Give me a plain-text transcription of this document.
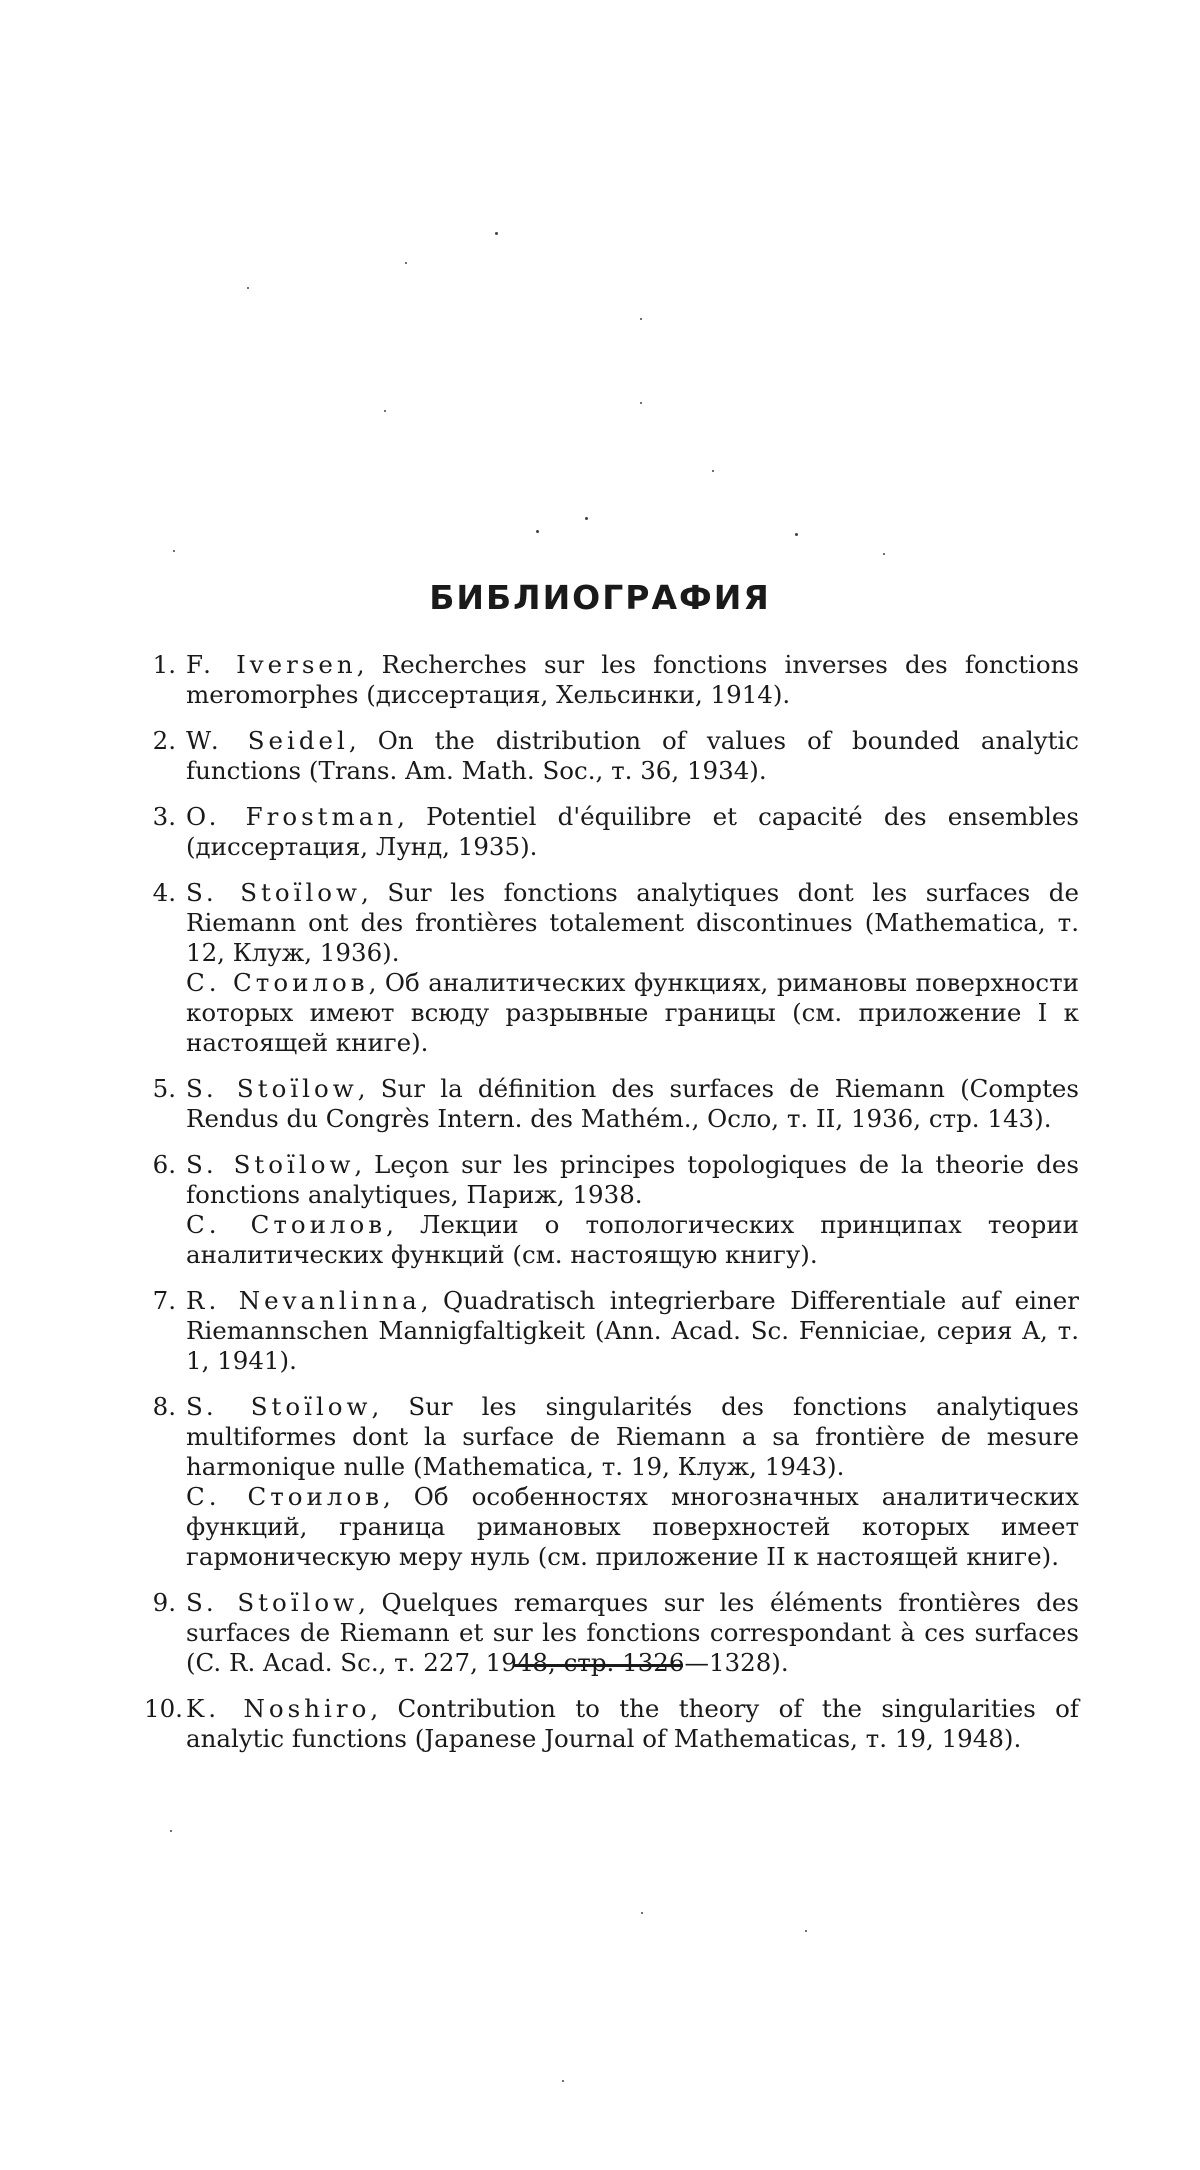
БИБЛИОГРАФИЯ
1. F. Iversen, Recherches sur les fonctions inverses des fonctions meromorphes (диссертация, Хельсинки, 1914).
2. W. Seidel, On the distribution of values of bounded analytic functions (Trans. Am. Math. Soc., т. 36, 1934).
3. O. Frostman, Potentiel d'équilibre et capacité des ensembles (диссертация, Лунд, 1935).
4. S. Stoïlow, Sur les fonctions analytiques dont les surfaces de Riemann ont des frontières totalement discontinues (Mathematica, т. 12, Клуж, 1936).
С. Стоилов, Об аналитических функциях, римановы поверхности которых имеют всюду разрывные границы (см. приложение I к настоящей книге).
5. S. Stoïlow, Sur la définition des surfaces de Riemann (Comptes Rendus du Congrès Intern. des Mathém., Осло, т. II, 1936, стр. 143).
6. S. Stoïlow, Leçon sur les principes topologiques de la theorie des fonctions analytiques, Париж, 1938.
С. Стоилов, Лекции о топологических принципах теории аналитических функций (см. настоящую книгу).
7. R. Nevanlinna, Quadratisch integrierbare Differentiale auf einer Riemannschen Mannigfaltigkeit (Ann. Acad. Sc. Fenniciae, серия A, т. 1, 1941).
8. S. Stoïlow, Sur les singularités des fonctions analytiques multiformes dont la surface de Riemann a sa frontière de mesure harmonique nulle (Mathematica, т. 19, Клуж, 1943).
С. Стоилов, Об особенностях многозначных аналитических функций, граница римановых поверхностей которых имеет гармоническую меру нуль (см. приложение II к настоящей книге).
9. S. Stoïlow, Quelques remarques sur les éléments frontières des surfaces de Riemann et sur les fonctions correspondant à ces surfaces (C. R. Acad. Sc., т. 227, 1948, стр. 1326—1328).
10. K. Noshiro, Contribution to the theory of the singularities of analytic functions (Japanese Journal of Mathematicas, т. 19, 1948).
